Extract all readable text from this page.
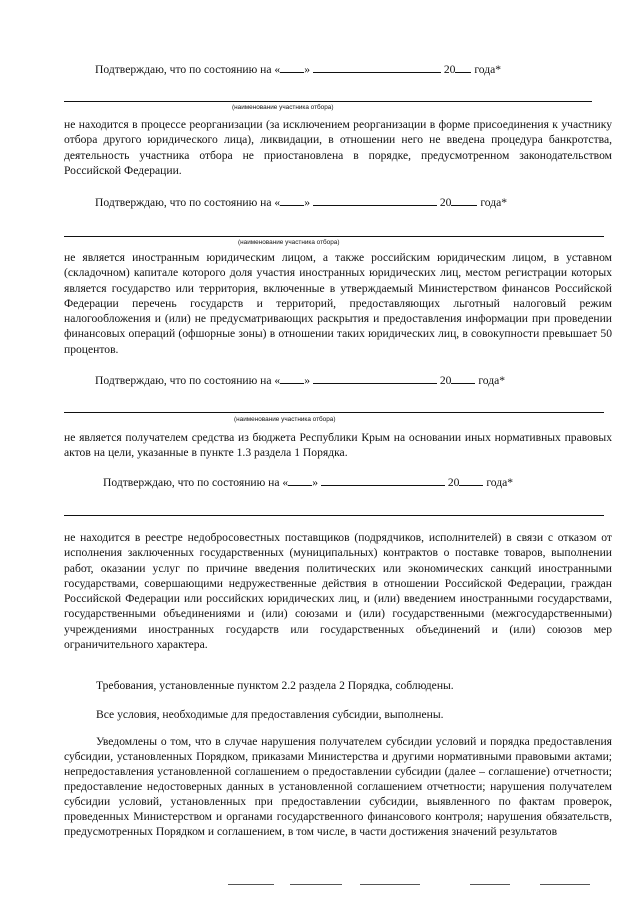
Подтверждаю, что по состоянию на « »	20 года*
(наименование участника отбора)
не находится в процессе реорганизации (за исключением реорганизации в форме присоединения к участнику отбора другого юридического лица), ликвидации, в отношении него не введена процедура банкротства, деятельность участника отбора не приостановлена в порядке, предусмотренном законодательством Российской Федерации.
Подтверждаю, что по состоянию на « »	20 года*
(наименование участника отбора)
не является иностранным юридическим лицом, а также российским юридическим лицом, в уставном (складочном) капитале которого доля участия иностранных юридических лиц, местом регистрации которых является государство или территория, включенные в утверждаемый Министерством финансов Российской Федерации перечень государств и территорий, предоставляющих льготный налоговый режим налогообложения и (или) не предусматривающих раскрытия и предоставления информации при проведении финансовых операций (офшорные зоны) в отношении таких юридических лиц, в совокупности превышает 50 процентов.
Подтверждаю, что по состоянию на « »	20 года*
(наименование участника отбора)
не является получателем средства из бюджета Республики Крым на основании иных нормативных правовых актов на цели, указанные в пункте 1.3 раздела 1 Порядка.
Подтверждаю, что по состоянию на « »	20 года*
не находится в реестре недобросовестных поставщиков (подрядчиков, исполнителей) в связи с отказом от исполнения заключенных государственных (муниципальных) контрактов о поставке товаров, выполнении работ, оказании услуг по причине введения политических или экономических санкций иностранными государствами, совершающими недружественные действия в отношении Российской Федерации, граждан Российской Федерации или российских юридических лиц, и (или) введением иностранными государствами, государственными объединениями и (или) союзами и (или) государственными (межгосударственными) учреждениями иностранных государств или государственных объединений и (или) союзов мер ограничительного характера.
Требования, установленные пунктом 2.2 раздела 2 Порядка, соблюдены.
Все условия, необходимые для предоставления субсидии, выполнены.
Уведомлены о том, что в случае нарушения получателем субсидии условий и порядка предоставления субсидии, установленных Порядком, приказами Министерства и другими нормативными правовыми актами; непредоставления установленной соглашением о предоставлении субсидии (далее – соглашение) отчетности; предоставление недостоверных данных в установленной соглашением отчетности; нарушения получателем субсидии условий, установленных при предоставлении субсидии, выявленного по фактам проверок, проведенных Министерством и органами государственного финансового контроля; нарушения обязательств, предусмотренных Порядком и соглашением, в том числе, в части достижения значений результатов
